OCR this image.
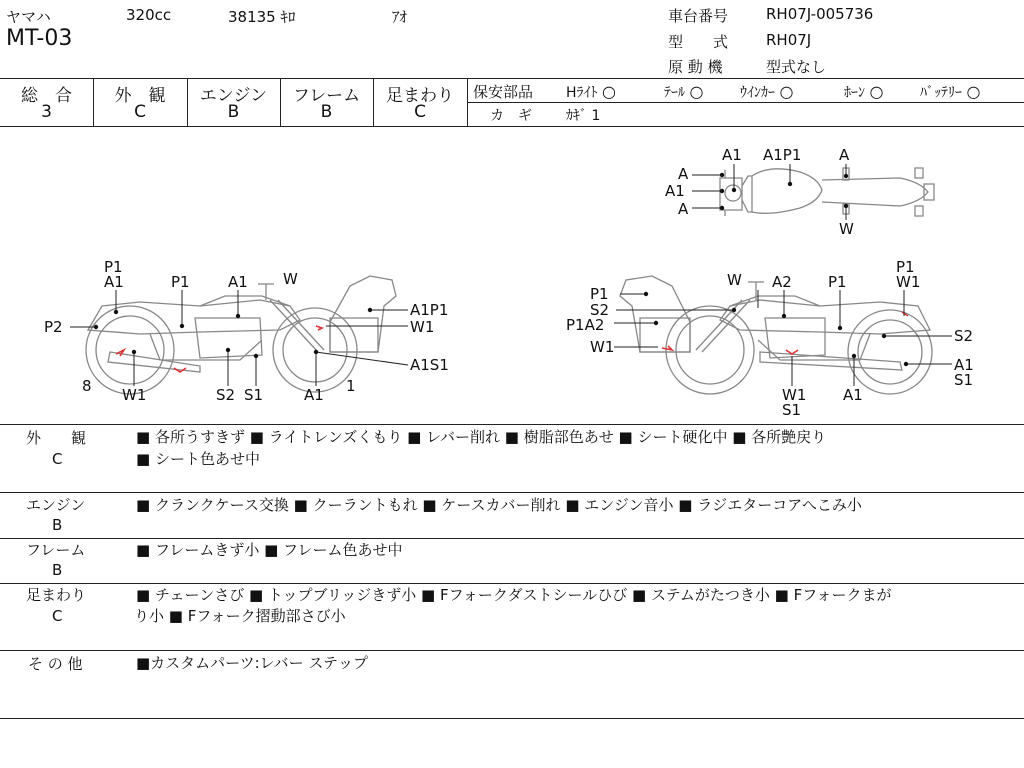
ヤマハ	320cc	38135 ｷﾛ	ｱｵ
MT-03
車台番号	RH07J-005736
型　　式	RH07J
原 動 機	型式なし
総　合
3
外　観
C
エンジン
B
フレーム
B
足まわり
C
保安部品 Hﾗｲﾄ ○	ﾃｰﾙ ○	ｳｲﾝｶｰ ○	ﾎｰﾝ ○	ﾊﾞｯﾃﾘｰ ○
カ　ギ ｶｷﾞ 1
A1 A1P1	A
A
A1
A
W
P1
A1	P1	A1 W
P2
A1P1
W1
A1S1
8 W1	S2 S1	A1 1
W A2 P1
P1
W1
P1
S2
P1A2
W1
S2
A1
S1
W1
S1
A1
外　　観
C
■ 各所うすきず ■ ライトレンズくもり ■ レバー削れ ■ 樹脂部色あせ ■ シート硬化中 ■ 各所艶戻り
■ シート色あせ中
エンジン
B
■ クランクケース交換 ■ クーラントもれ ■ ケースカバー削れ ■ エンジン音小 ■ ラジエターコアへこみ小
フレーム
B
■ フレームきず小 ■ フレーム色あせ中
足まわり
C
■ チェーンさび ■ トップブリッジきず小 ■ Fフォークダストシールひび ■ ステムがたつき小 ■ Fフォークまが
り小 ■ Fフォーク摺動部さび小
そ の 他	■カスタムパーツ:レバー ステップ
